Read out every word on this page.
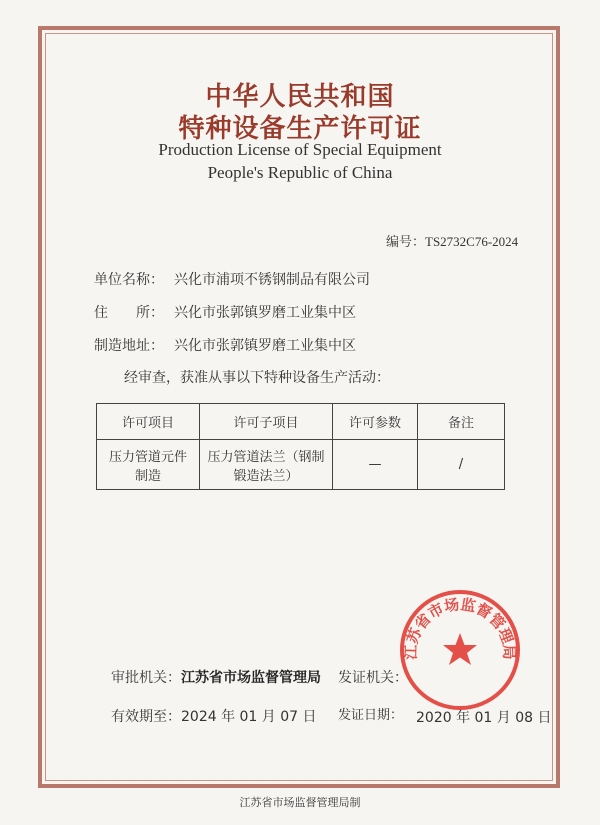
中华人民共和国
特种设备生产许可证
Production License of Special Equipment
People's Republic of China
编号：TS2732C76-2024
单位名称： 兴化市浦项不锈钢制品有限公司
住　　所： 兴化市张郭镇罗磨工业集中区
制造地址： 兴化市张郭镇罗磨工业集中区
经审查，获准从事以下特种设备生产活动：
许可项目	许可子项目	许可参数	备注
压力管道元件制造	压力管道法兰（钢制锻造法兰）	—	/
江苏省市场监督管理局
审批机关：江苏省市场监督管理局 发证机关：
有效期至：2024 年 01 月 07 日 发证日期： 2020 年 01 月 08 日
江苏省市场监督管理局制
